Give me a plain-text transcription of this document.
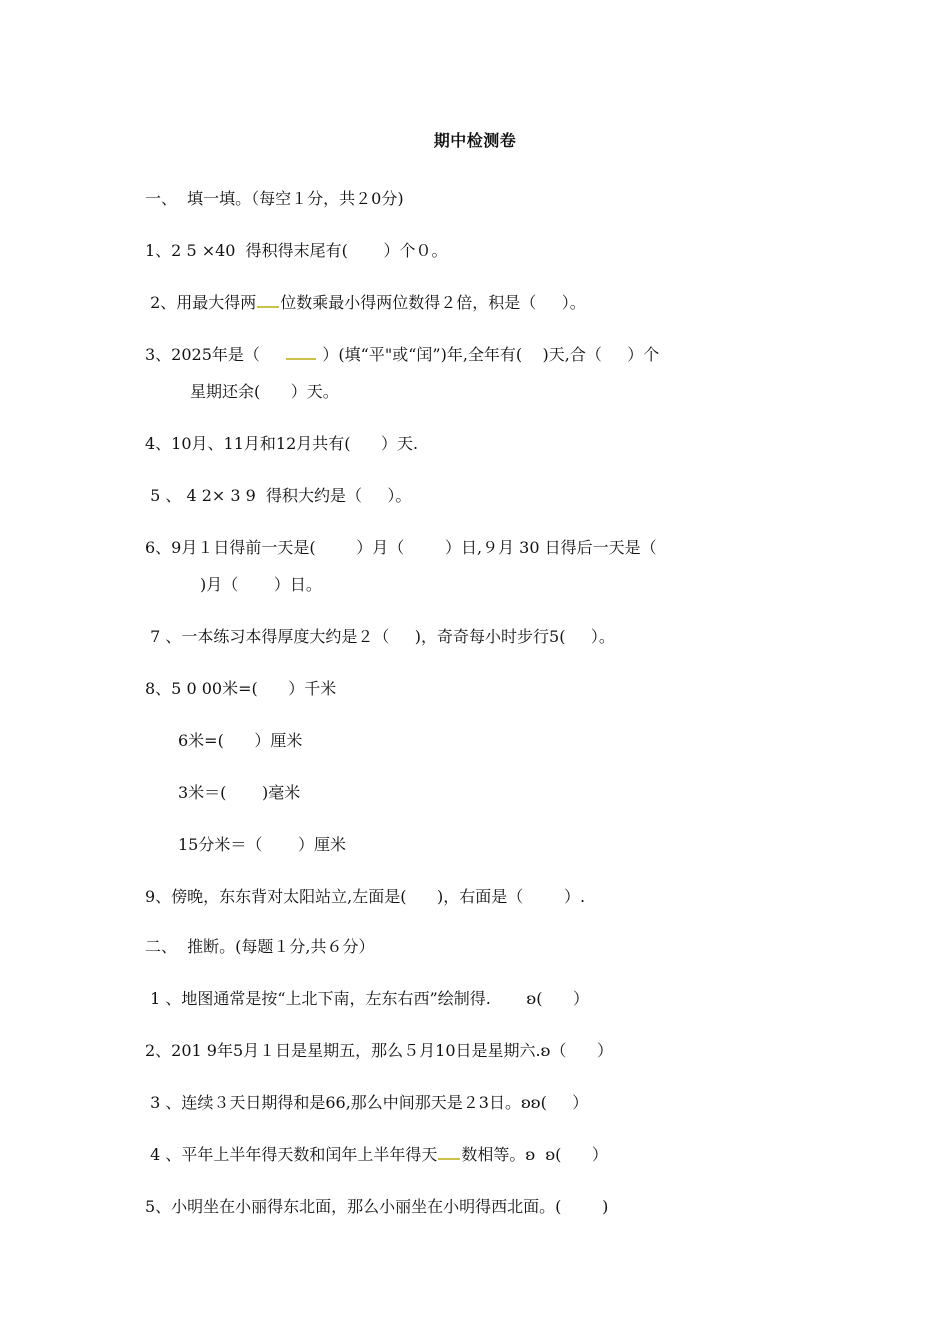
期中检测卷
一、  填一填。（每空１分，共２0分)
1、2 5 ×40  得积得末尾有(       ）个０。
2、用最大得两 位数乘最小得两位数得２倍，积是（     ）。
3、2025年是（      ）(填“平"或“闰”)年,全年有(    )天,合（     ）个
星期还余(      ）天。
4、10月、11月和12月共有(      ）天.
5 、 4 2× 3 9  得积大约是（     ）。
6、9月１日得前一天是(        ）月（        ）日,９月 30 日得后一天是（
)月（       ）日。
7 、一本练习本得厚度大约是２（     )，奇奇每小时步行5(     ）。
8、5 0 00米=(      ）千米
6米=(      ）厘米
3米＝(       )毫米
15分米＝（       ）厘米
9、傍晚，东东背对太阳站立,左面是(      )，右面是（        ）.
二、  推断。(每题１分,共６分）
1 、地图通常是按“上北下南，左东右西”绘制得.       ʚ(      ）
2、201 9年5月１日是星期五，那么５月10日是星期六.ʚ（      ）
3 、连续３天日期得和是66,那么中间那天是２3日。ʚʚ(     ）
4 、平年上半年得天数和闰年上半年得天 数相等。ʚ  ʚ(      ）
5、小明坐在小丽得东北面，那么小丽坐在小明得西北面。(        )
